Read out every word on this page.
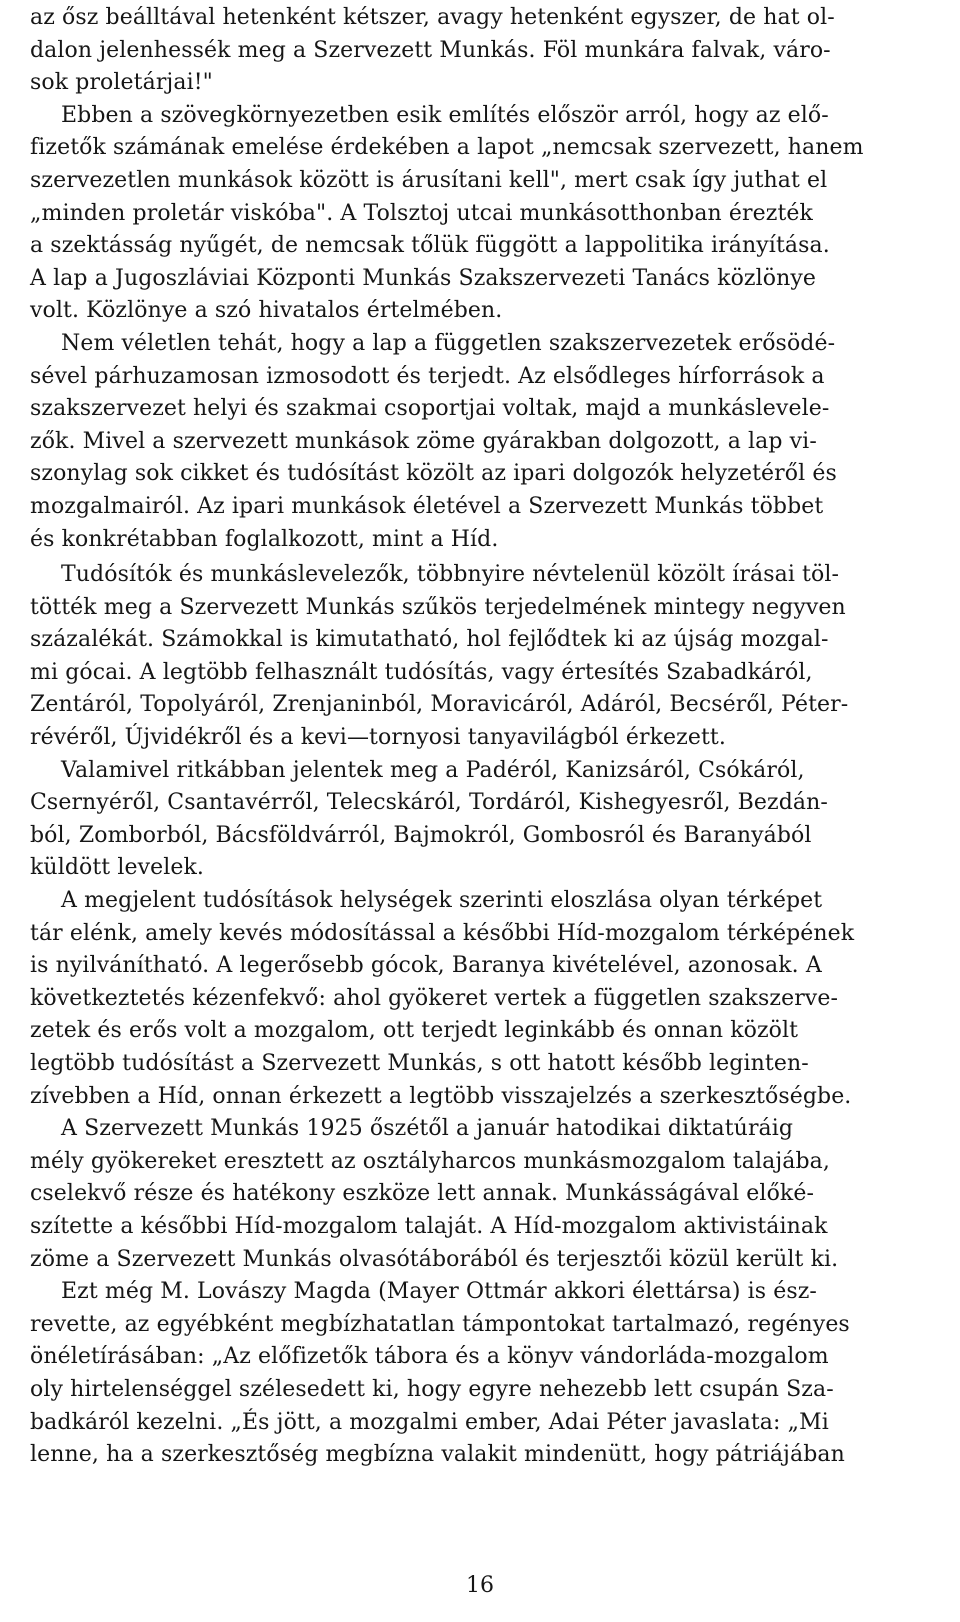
az ősz beálltával hetenként kétszer, avagy hetenként egyszer, de hat ol-
dalon jelenhessék meg a Szervezett Munkás. Föl munkára falvak, váro-
sok proletárjai!"
Ebben a szövegkörnyezetben esik említés először arról, hogy az elő-
fizetők számának emelése érdekében a lapot „nemcsak szervezett, hanem
szervezetlen munkások között is árusítani kell", mert csak így juthat el
„minden proletár viskóba". A Tolsztoj utcai munkásotthonban érezték
a szektásság nyűgét, de nemcsak tőlük függött a lappolitika irányítása.
A lap a Jugoszláviai Központi Munkás Szakszervezeti Tanács közlönye
volt. Közlönye a szó hivatalos értelmében.
Nem véletlen tehát, hogy a lap a független szakszervezetek erősödé-
sével párhuzamosan izmosodott és terjedt. Az elsődleges hírforrások a
szakszervezet helyi és szakmai csoportjai voltak, majd a munkáslevele-
zők. Mivel a szervezett munkások zöme gyárakban dolgozott, a lap vi-
szonylag sok cikket és tudósítást közölt az ipari dolgozók helyzetéről és
mozgalmairól. Az ipari munkások életével a Szervezett Munkás többet
és konkrétabban foglalkozott, mint a Híd.
Tudósítók és munkáslevelezők, többnyire névtelenül közölt írásai töl-
tötték meg a Szervezett Munkás szűkös terjedelmének mintegy negyven
százalékát. Számokkal is kimutatható, hol fejlődtek ki az újság mozgal-
mi gócai. A legtöbb felhasznált tudósítás, vagy értesítés Szabadkáról,
Zentáról, Topolyáról, Zrenjaninból, Moravicáról, Adáról, Becséről, Péter-
révéről, Újvidékről és a kevi—tornyosi tanyavilágból érkezett.
Valamivel ritkábban jelentek meg a Padéról, Kanizsáról, Csókáról,
Csernyéről, Csantavérről, Telecskáról, Tordáról, Kishegyesről, Bezdán-
ból, Zomborból, Bácsföldvárról, Bajmokról, Gombosról és Baranyából
küldött levelek.
A megjelent tudósítások helységek szerinti eloszlása olyan térképet
tár elénk, amely kevés módosítással a későbbi Híd-mozgalom térképének
is nyilvánítható. A legerősebb gócok, Baranya kivételével, azonosak. A
következtetés kézenfekvő: ahol gyökeret vertek a független szakszerve-
zetek és erős volt a mozgalom, ott terjedt leginkább és onnan közölt
legtöbb tudósítást a Szervezett Munkás, s ott hatott később leginten-
zívebben a Híd, onnan érkezett a legtöbb visszajelzés a szerkesztőségbe.
A Szervezett Munkás 1925 őszétől a január hatodikai diktatúráig
mély gyökereket eresztett az osztályharcos munkásmozgalom talajába,
cselekvő része és hatékony eszköze lett annak. Munkásságával előké-
szítette a későbbi Híd-mozgalom talaját. A Híd-mozgalom aktivistáinak
zöme a Szervezett Munkás olvasótáborából és terjesztői közül került ki.
Ezt még M. Lovászy Magda (Mayer Ottmár akkori élettársa) is ész-
revette, az egyébként megbízhatatlan támpontokat tartalmazó, regényes
önéletírásában: „Az előfizetők tábora és a könyv vándorláda-mozgalom
oly hirtelenséggel szélesedett ki, hogy egyre nehezebb lett csupán Sza-
badkáról kezelni. „És jött, a mozgalmi ember, Adai Péter javaslata: „Mi
lenne, ha a szerkesztőség megbízna valakit mindenütt, hogy pátriájában
16
